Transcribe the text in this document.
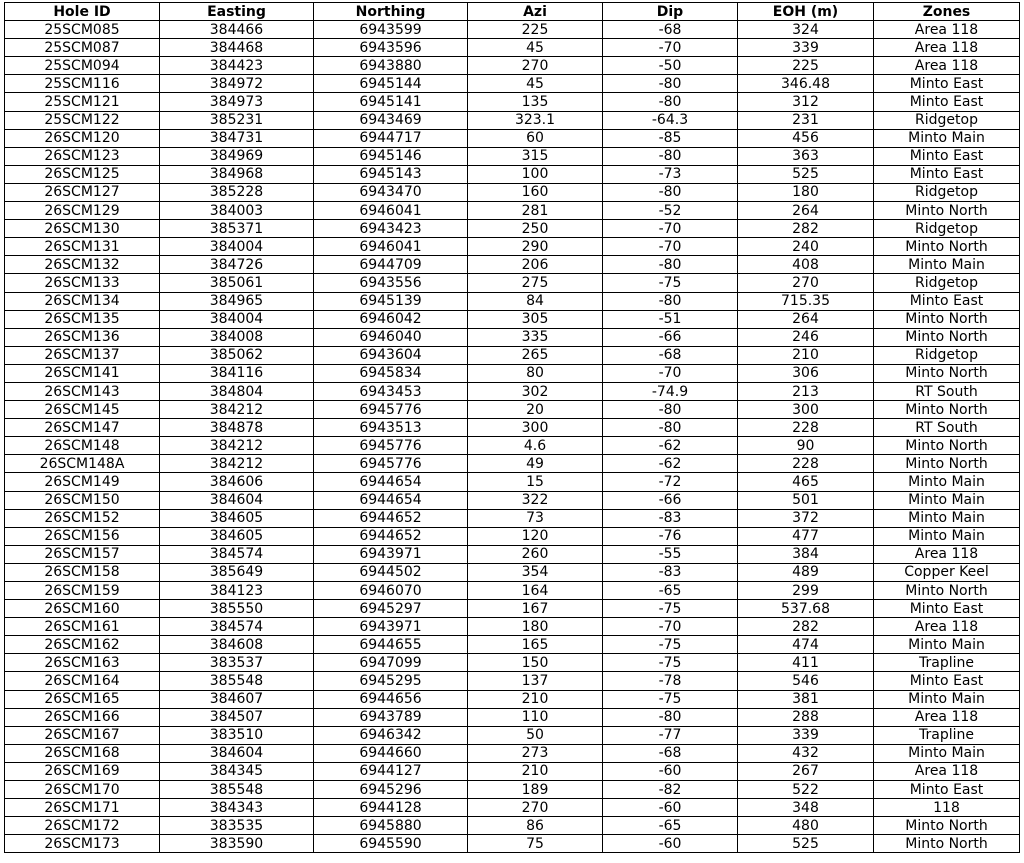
Hole ID	Easting	Northing	Azi	Dip	EOH (m)	Zones
25SCM085	384466	6943599	225	-68	324	Area 118
25SCM087	384468	6943596	45	-70	339	Area 118
25SCM094	384423	6943880	270	-50	225	Area 118
25SCM116	384972	6945144	45	-80	346.48	Minto East
25SCM121	384973	6945141	135	-80	312	Minto East
25SCM122	385231	6943469	323.1	-64.3	231	Ridgetop
26SCM120	384731	6944717	60	-85	456	Minto Main
26SCM123	384969	6945146	315	-80	363	Minto East
26SCM125	384968	6945143	100	-73	525	Minto East
26SCM127	385228	6943470	160	-80	180	Ridgetop
26SCM129	384003	6946041	281	-52	264	Minto North
26SCM130	385371	6943423	250	-70	282	Ridgetop
26SCM131	384004	6946041	290	-70	240	Minto North
26SCM132	384726	6944709	206	-80	408	Minto Main
26SCM133	385061	6943556	275	-75	270	Ridgetop
26SCM134	384965	6945139	84	-80	715.35	Minto East
26SCM135	384004	6946042	305	-51	264	Minto North
26SCM136	384008	6946040	335	-66	246	Minto North
26SCM137	385062	6943604	265	-68	210	Ridgetop
26SCM141	384116	6945834	80	-70	306	Minto North
26SCM143	384804	6943453	302	-74.9	213	RT South
26SCM145	384212	6945776	20	-80	300	Minto North
26SCM147	384878	6943513	300	-80	228	RT South
26SCM148	384212	6945776	4.6	-62	90	Minto North
26SCM148A	384212	6945776	49	-62	228	Minto North
26SCM149	384606	6944654	15	-72	465	Minto Main
26SCM150	384604	6944654	322	-66	501	Minto Main
26SCM152	384605	6944652	73	-83	372	Minto Main
26SCM156	384605	6944652	120	-76	477	Minto Main
26SCM157	384574	6943971	260	-55	384	Area 118
26SCM158	385649	6944502	354	-83	489	Copper Keel
26SCM159	384123	6946070	164	-65	299	Minto North
26SCM160	385550	6945297	167	-75	537.68	Minto East
26SCM161	384574	6943971	180	-70	282	Area 118
26SCM162	384608	6944655	165	-75	474	Minto Main
26SCM163	383537	6947099	150	-75	411	Trapline
26SCM164	385548	6945295	137	-78	546	Minto East
26SCM165	384607	6944656	210	-75	381	Minto Main
26SCM166	384507	6943789	110	-80	288	Area 118
26SCM167	383510	6946342	50	-77	339	Trapline
26SCM168	384604	6944660	273	-68	432	Minto Main
26SCM169	384345	6944127	210	-60	267	Area 118
26SCM170	385548	6945296	189	-82	522	Minto East
26SCM171	384343	6944128	270	-60	348	118
26SCM172	383535	6945880	86	-65	480	Minto North
26SCM173	383590	6945590	75	-60	525	Minto North
